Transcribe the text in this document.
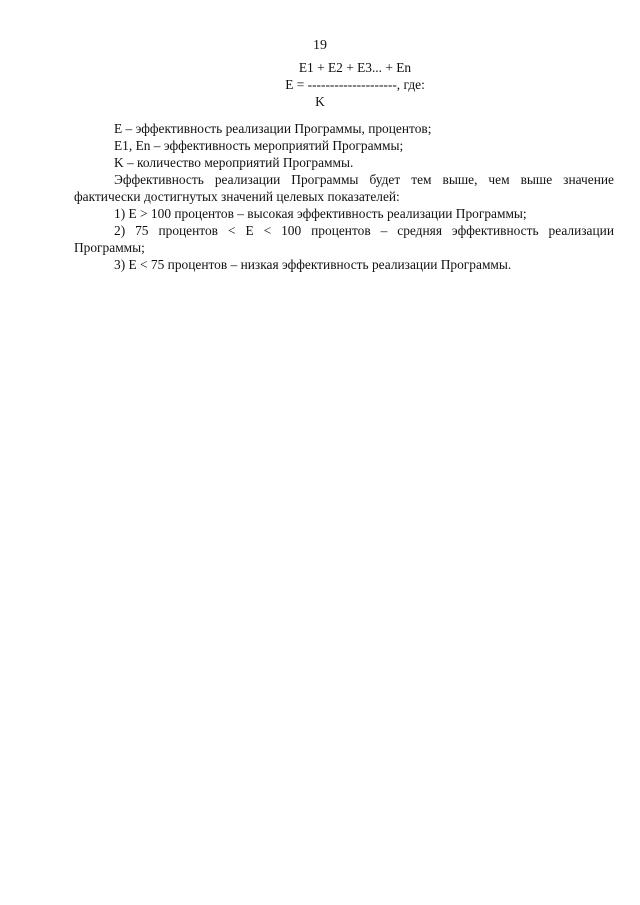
19
E1 + E2 + E3... + En
E = --------------------, где:
K

E – эффективность реализации Программы, процентов;

E1, En – эффективность мероприятий Программы;

K – количество мероприятий Программы.

Эффективность реализации Программы будет тем выше, чем выше значение фактически достигнутых значений целевых показателей:

1) E > 100 процентов – высокая эффективность реализации Программы;

2) 75 процентов < E < 100 процентов – средняя эффективность реализации Программы;

3) E < 75 процентов – низкая эффективность реализации Программы.
